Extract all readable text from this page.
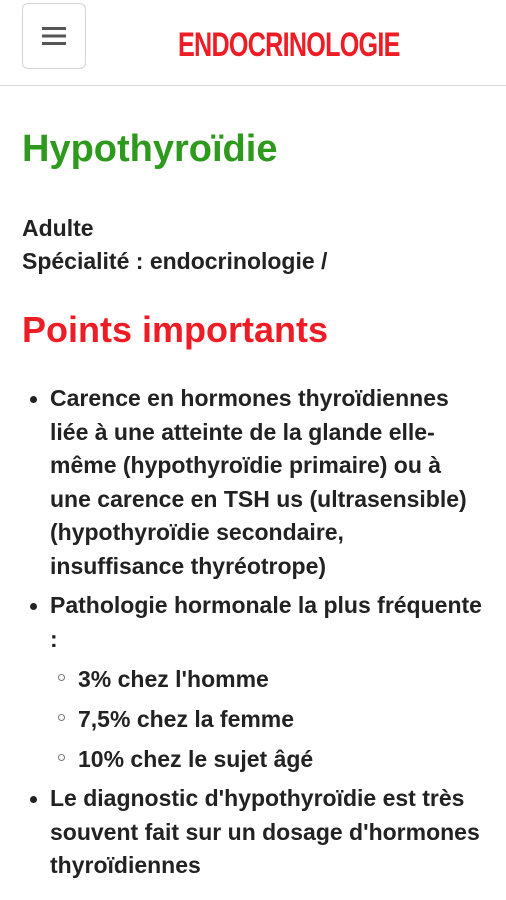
ENDOCRINOLOGIE
Hypothyroïdie
Adulte
Spécialité : endocrinologie /
Points importants
Carence en hormones thyroïdiennes liée à une atteinte de la glande elle-même (hypothyroïdie primaire) ou à une carence en TSH us (ultrasensible) (hypothyroïdie secondaire, insuffisance thyréotrope)
Pathologie hormonale la plus fréquente :
3% chez l'homme
7,5% chez la femme
10% chez le sujet âgé
Le diagnostic d'hypothyroïdie est très souvent fait sur un dosage d'hormones thyroïdiennes
